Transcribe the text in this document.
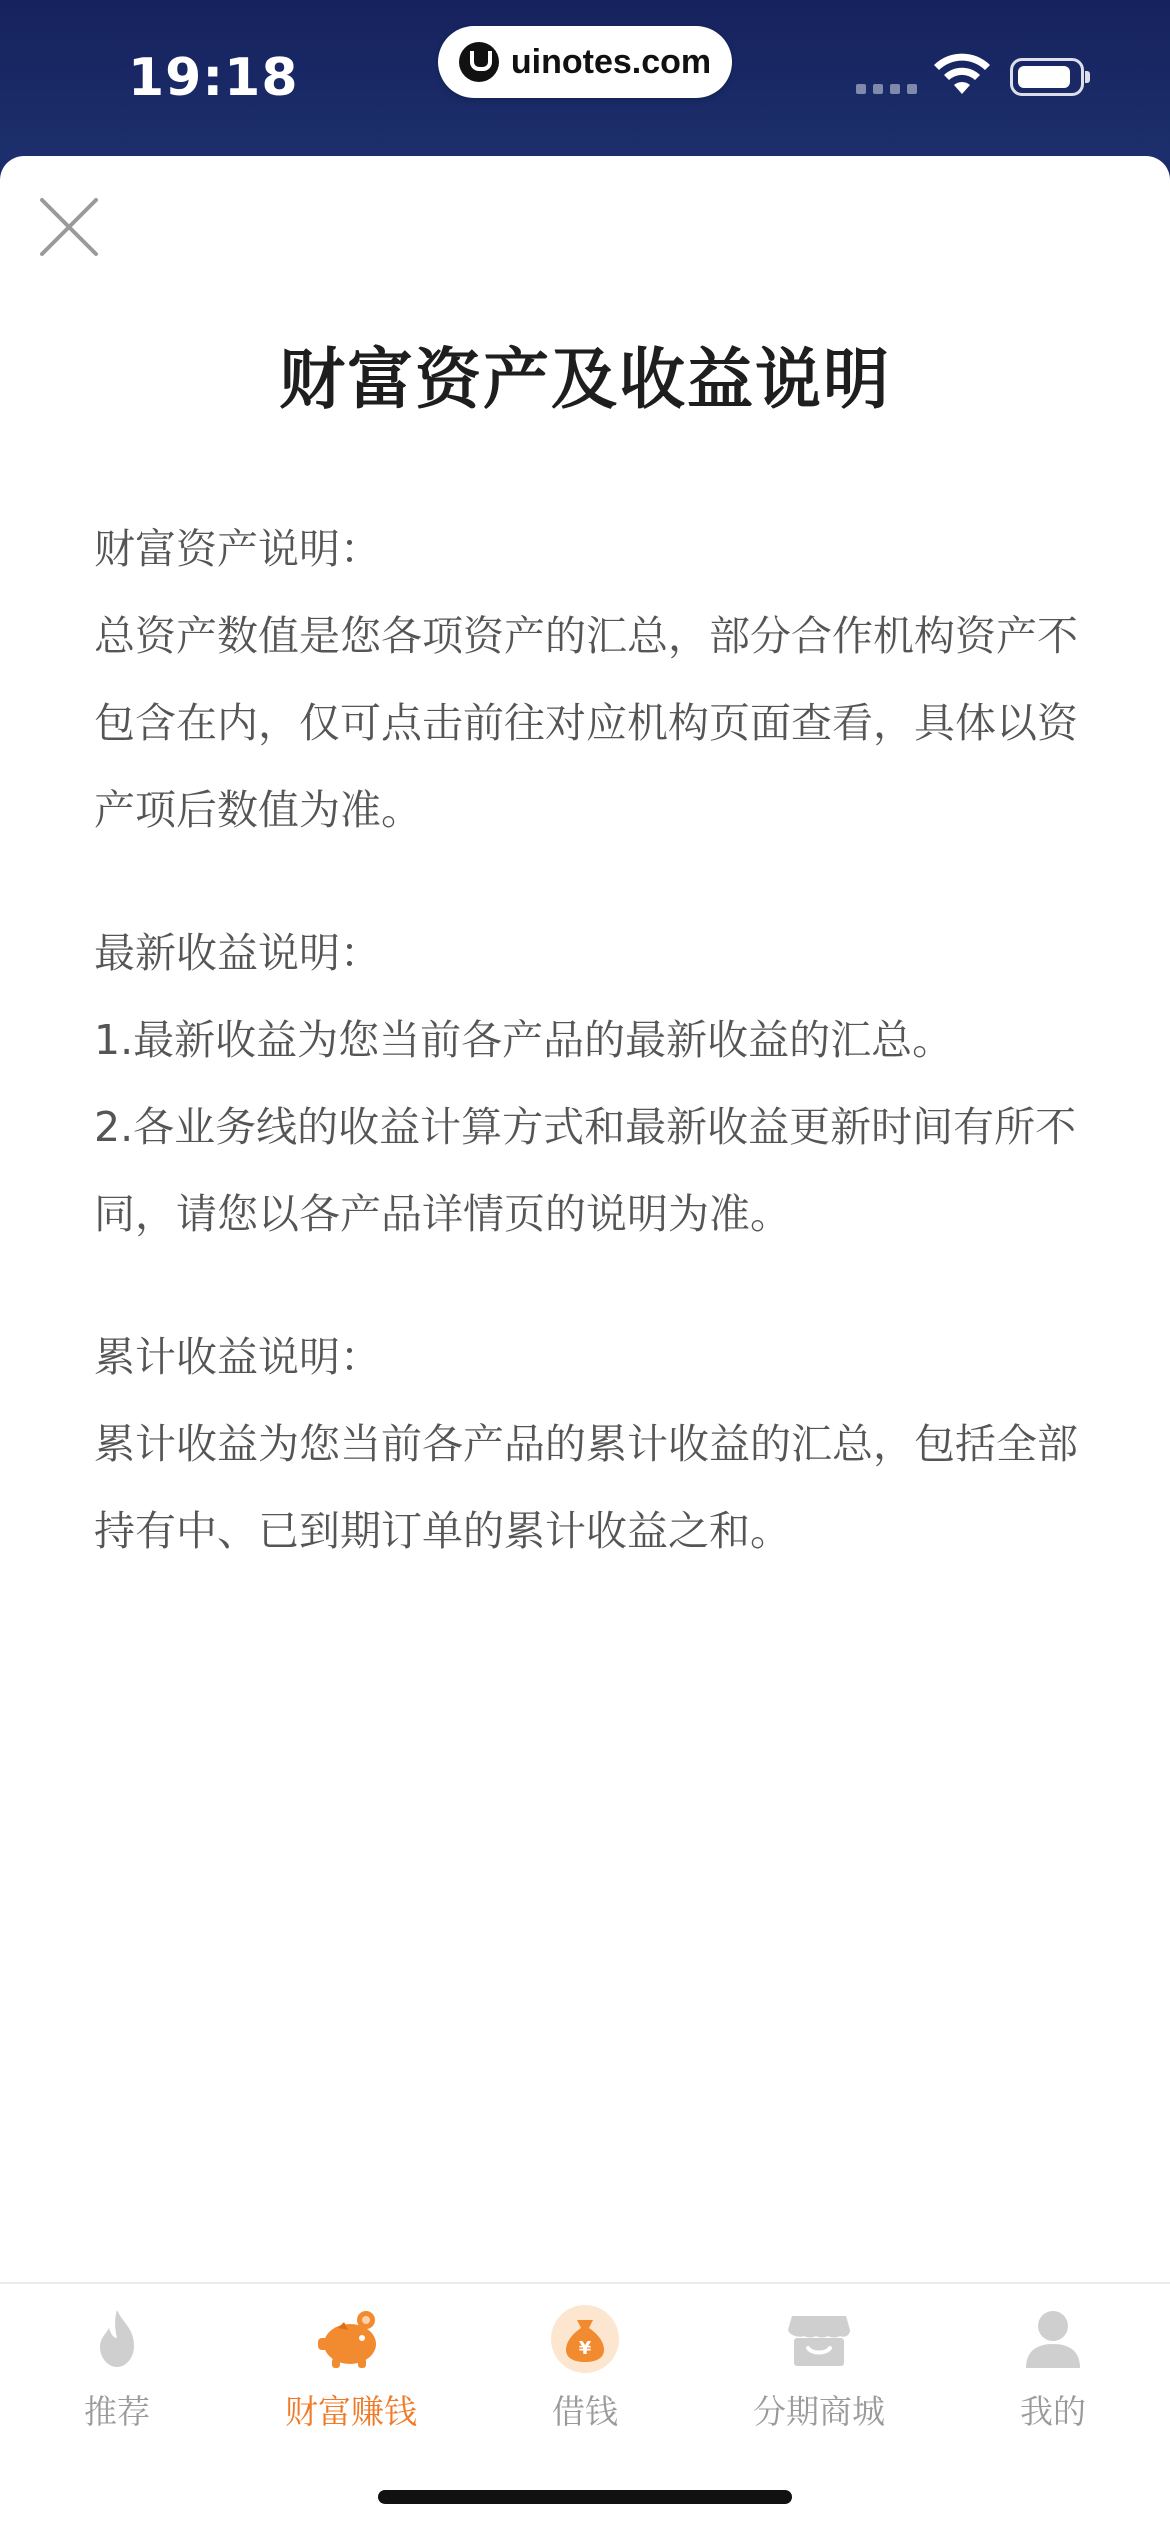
19:18	uinotes.com
财富资产及收益说明

财富资产说明：

总资产数值是您各项资产的汇总，部分合作机构资产不包含在内，仅可点击前往对应机构页面查看，具体以资产项后数值为准。

最新收益说明：

1.最新收益为您当前各产品的最新收益的汇总。

2.各业务线的收益计算方式和最新收益更新时间有所不同，请您以各产品详情页的说明为准。

累计收益说明：

累计收益为您当前各产品的累计收益的汇总，包括全部持有中、已到期订单的累计收益之和。

推荐	财富赚钱
¥
借钱	分期商城	我的
